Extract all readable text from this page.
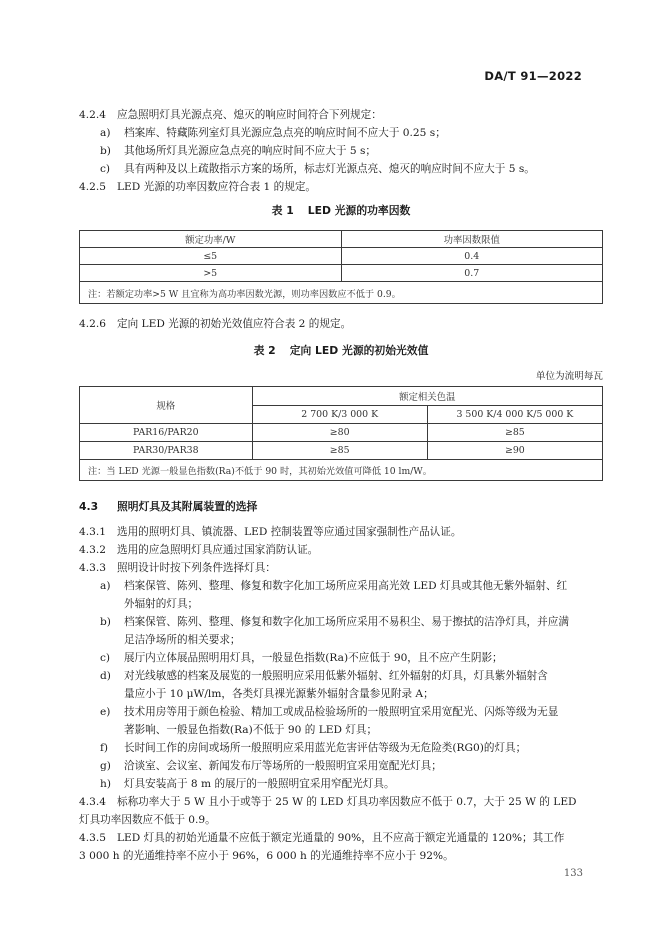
DA/T 91—2022
4.2.4 应急照明灯具光源点亮、熄灭的响应时间符合下列规定：
a) 档案库、特藏陈列室灯具光源应急点亮的响应时间不应大于 0.25 s；
b) 其他场所灯具光源应急点亮的响应时间不应大于 5 s；
c) 具有两种及以上疏散指示方案的场所，标志灯光源点亮、熄灭的响应时间不应大于 5 s。
4.2.5 LED 光源的功率因数应符合表 1 的规定。
表 1 LED 光源的功率因数
额定功率/W	功率因数限值
≤5	0.4
>5	0.7
注：若额定功率>5 W 且宜称为高功率因数光源，则功率因数应不低于 0.9。	
4.2.6 定向 LED 光源的初始光效值应符合表 2 的规定。
表 2 定向 LED 光源的初始光效值
单位为流明每瓦
规格	额定相关色温	
	2 700 K/3 000 K	3 500 K/4 000 K/5 000 K
PAR16/PAR20	≥80	≥85
PAR30/PAR38	≥85	≥90
注：当 LED 光源一般显色指数(Ra)不低于 90 时，其初始光效值可降低 10 lm/W。		
4.3 照明灯具及其附属装置的选择
4.3.1 选用的照明灯具、镇流器、LED 控制装置等应通过国家强制性产品认证。
4.3.2 选用的应急照明灯具应通过国家消防认证。
4.3.3 照明设计时按下列条件选择灯具：
a) 档案保管、陈列、整理、修复和数字化加工场所应采用高光效 LED 灯具或其他无紫外辐射、红
外辐射的灯具；
b) 档案保管、陈列、整理、修复和数字化加工场所应采用不易积尘、易于擦拭的洁净灯具，并应满
足洁净场所的相关要求；
c) 展厅内立体展品照明用灯具，一般显色指数(Ra)不应低于 90，且不应产生阴影；
d) 对光线敏感的档案及展览的一般照明应采用低紫外辐射、红外辐射的灯具，灯具紫外辐射含
量应小于 10 μW/lm，各类灯具裸光源紫外辐射含量参见附录 A；
e) 技术用房等用于颜色检验、精加工或成品检验场所的一般照明宜采用宽配光、闪烁等级为无显
著影响、一般显色指数(Ra)不低于 90 的 LED 灯具；
f) 长时间工作的房间或场所一般照明应采用蓝光危害评估等级为无危险类(RG0)的灯具；
g) 洽谈室、会议室、新闻发布厅等场所的一般照明宜采用宽配光灯具；
h) 灯具安装高于 8 m 的展厅的一般照明宜采用窄配光灯具。
4.3.4 标称功率大于 5 W 且小于或等于 25 W 的 LED 灯具功率因数应不低于 0.7，大于 25 W 的 LED
灯具功率因数应不低于 0.9。
4.3.5 LED 灯具的初始光通量不应低于额定光通量的 90%，且不应高于额定光通量的 120%；其工作
3 000 h 的光通维持率不应小于 96%，6 000 h 的光通维持率不应小于 92%。
133
